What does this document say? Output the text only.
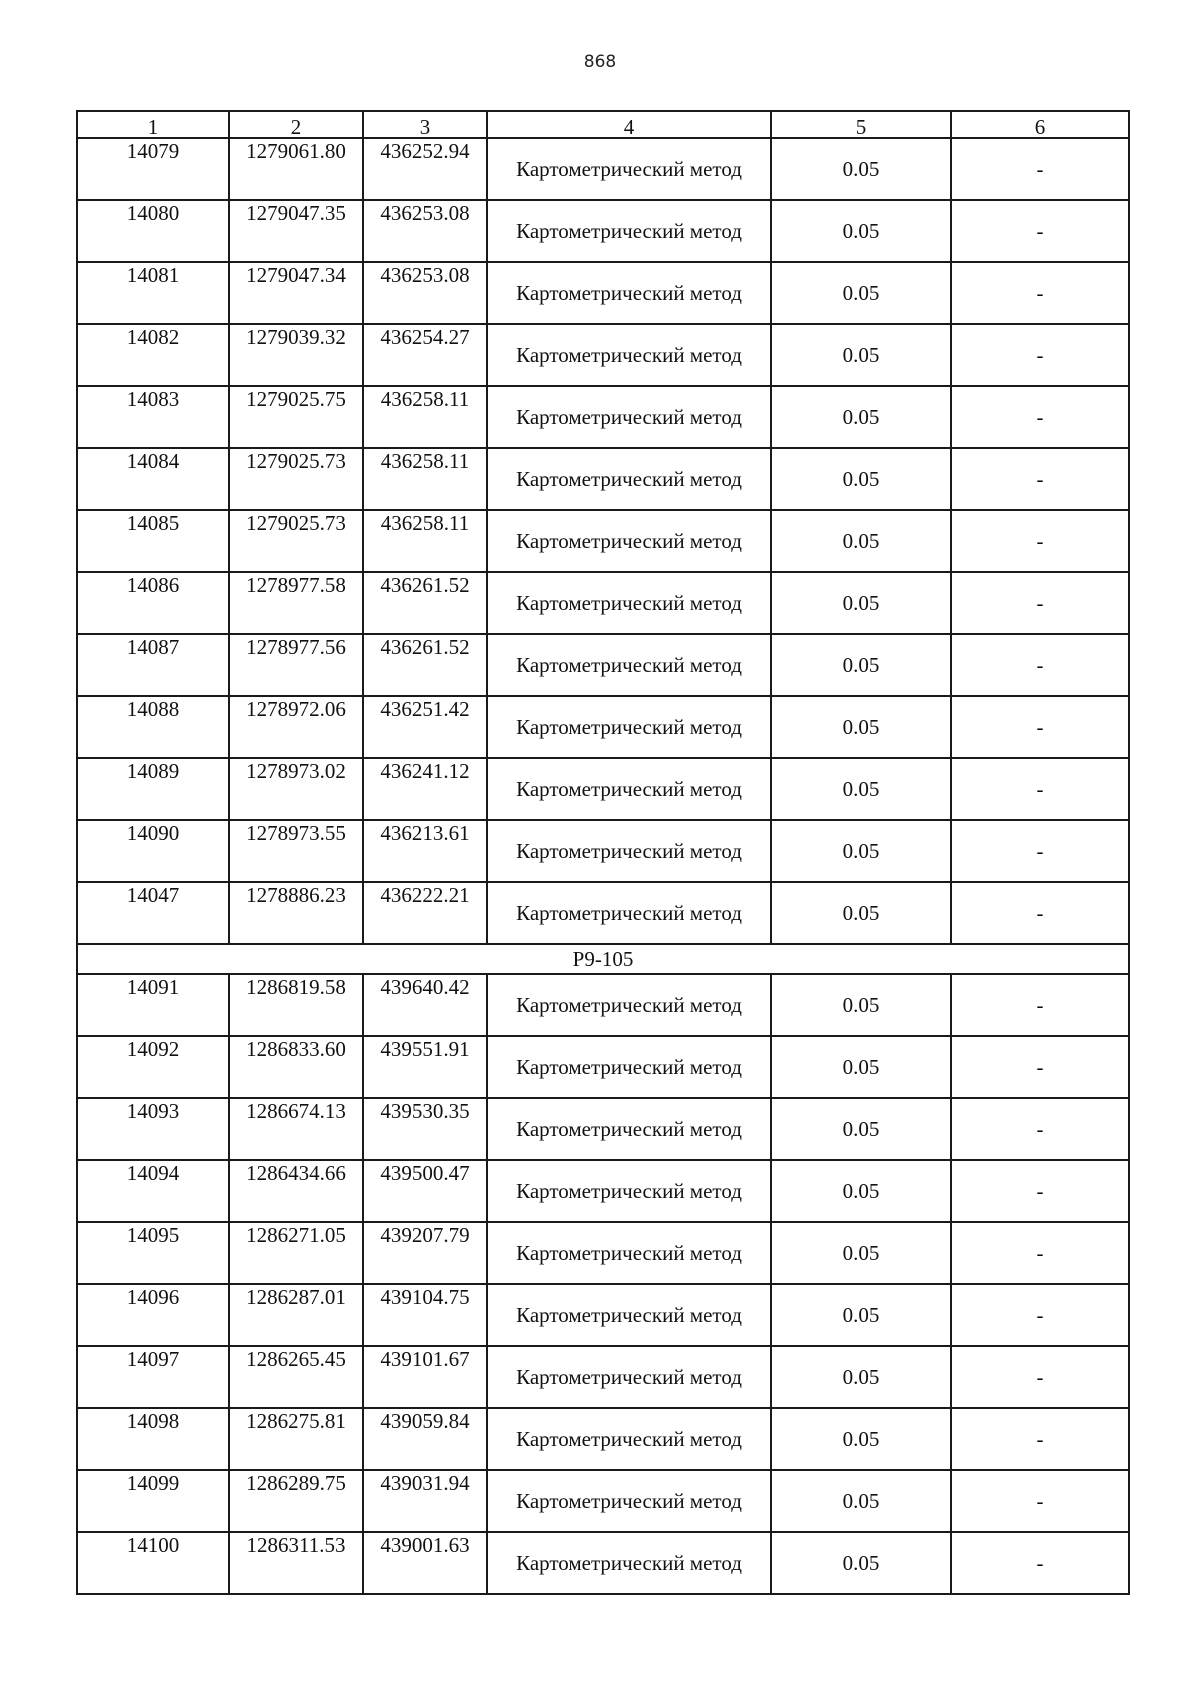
868
1	2	3	4	5	6
14079	1279061.80	436252.94	Картометрический метод	0.05	-
14080	1279047.35	436253.08	Картометрический метод	0.05	-
14081	1279047.34	436253.08	Картометрический метод	0.05	-
14082	1279039.32	436254.27	Картометрический метод	0.05	-
14083	1279025.75	436258.11	Картометрический метод	0.05	-
14084	1279025.73	436258.11	Картометрический метод	0.05	-
14085	1279025.73	436258.11	Картометрический метод	0.05	-
14086	1278977.58	436261.52	Картометрический метод	0.05	-
14087	1278977.56	436261.52	Картометрический метод	0.05	-
14088	1278972.06	436251.42	Картометрический метод	0.05	-
14089	1278973.02	436241.12	Картометрический метод	0.05	-
14090	1278973.55	436213.61	Картометрический метод	0.05	-
14047	1278886.23	436222.21	Картометрический метод	0.05	-
Р9-105					
14091	1286819.58	439640.42	Картометрический метод	0.05	-
14092	1286833.60	439551.91	Картометрический метод	0.05	-
14093	1286674.13	439530.35	Картометрический метод	0.05	-
14094	1286434.66	439500.47	Картометрический метод	0.05	-
14095	1286271.05	439207.79	Картометрический метод	0.05	-
14096	1286287.01	439104.75	Картометрический метод	0.05	-
14097	1286265.45	439101.67	Картометрический метод	0.05	-
14098	1286275.81	439059.84	Картометрический метод	0.05	-
14099	1286289.75	439031.94	Картометрический метод	0.05	-
14100	1286311.53	439001.63	Картометрический метод	0.05	-
